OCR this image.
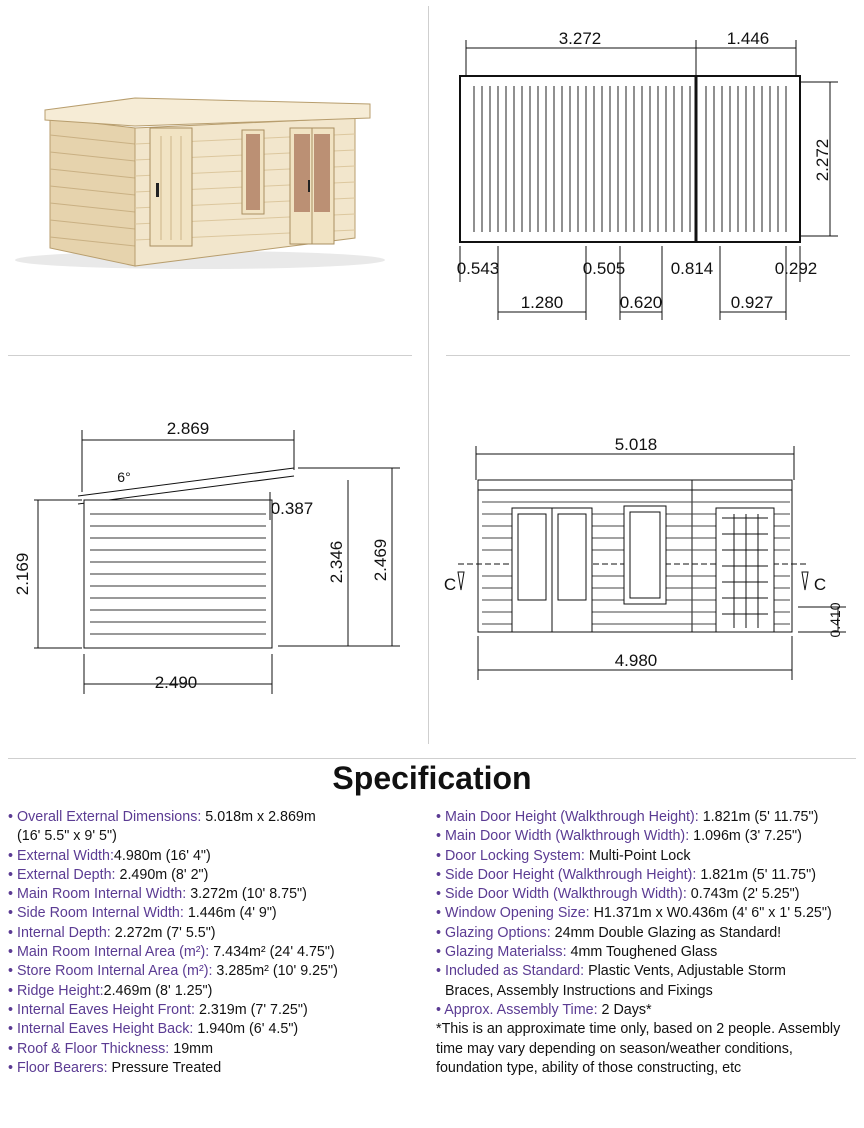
3.272	1.446
2.272
0.543	0.505	0.814	0.292
1.280	0.620	0.927
2.869
6°
0.387
2.169	2.346 2.469
2.490
C	C
5.018
4.980
0.410
Specification
• Overall External Dimensions: 5.018m x 2.869m
(16' 5.5" x 9' 5")
• External Width:4.980m (16' 4")
• External Depth: 2.490m (8' 2")
• Main Room Internal Width: 3.272m (10' 8.75")
• Side Room Internal Width: 1.446m (4' 9")
• Internal Depth: 2.272m (7' 5.5")
• Main Room Internal Area (m²): 7.434m² (24' 4.75")
• Store Room Internal Area (m²): 3.285m² (10' 9.25")
• Ridge Height:2.469m (8' 1.25")
• Internal Eaves Height Front: 2.319m (7' 7.25")
• Internal Eaves Height Back: 1.940m (6' 4.5")
• Roof & Floor Thickness: 19mm
• Floor Bearers: Pressure Treated
• Main Door Height (Walkthrough Height): 1.821m (5' 11.75")
• Main Door Width (Walkthrough Width): 1.096m (3' 7.25")
• Door Locking System: Multi-Point Lock
• Side Door Height (Walkthrough Height): 1.821m (5' 11.75")
• Side Door Width (Walkthrough Width): 0.743m (2' 5.25")
• Window Opening Size: H1.371m x W0.436m (4' 6" x 1' 5.25")
• Glazing Options: 24mm Double Glazing as Standard!
• Glazing Materialss: 4mm Toughened Glass
• Included as Standard: Plastic Vents, Adjustable Storm
Braces, Assembly Instructions and Fixings
• Approx. Assembly Time: 2 Days*
*This is an approximate time only, based on 2 people. Assembly time may vary depending on season/weather conditions, foundation type, ability of those constructing, etc
